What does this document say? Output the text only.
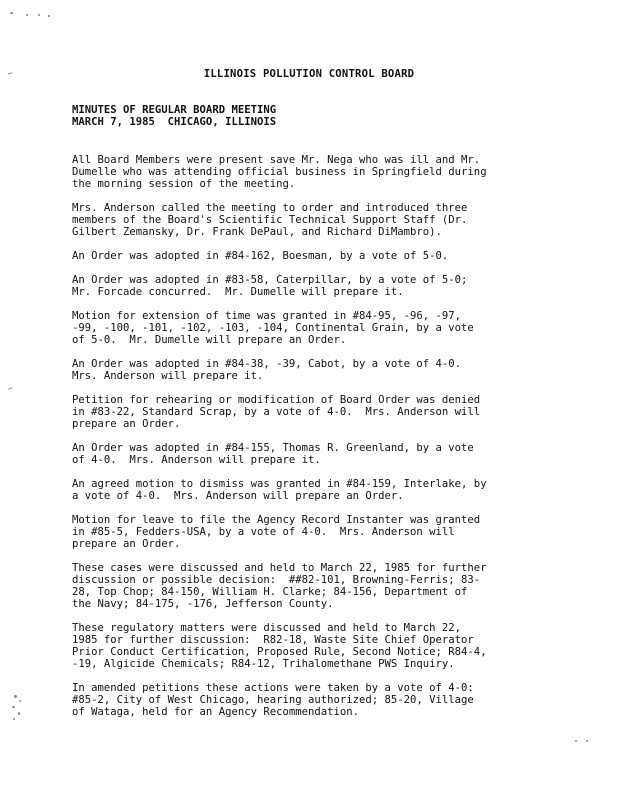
~
~
ILLINOIS POLLUTION CONTROL BOARD
MINUTES OF REGULAR BOARD MEETING
MARCH 7, 1985  CHICAGO, ILLINOIS
All Board Members were present save Mr. Nega who was ill and Mr.
Dumelle who was attending official business in Springfield during
the morning session of the meeting.
Mrs. Anderson called the meeting to order and introduced three
members of the Board's Scientific Technical Support Staff (Dr.
Gilbert Zemansky, Dr. Frank DePaul, and Richard DiMambro).
An Order was adopted in #84-162, Boesman, by a vote of 5-0.
An Order was adopted in #83-58, Caterpillar, by a vote of 5-0;
Mr. Forcade concurred.  Mr. Dumelle will prepare it.
Motion for extension of time was granted in #84-95, -96, -97,
-99, -100, -101, -102, -103, -104, Continental Grain, by a vote
of 5-0.  Mr. Dumelle will prepare an Order.
An Order was adopted in #84-38, -39, Cabot, by a vote of 4-0.
Mrs. Anderson will prepare it.
Petition for rehearing or modification of Board Order was denied
in #83-22, Standard Scrap, by a vote of 4-0.  Mrs. Anderson will
prepare an Order.
An Order was adopted in #84-155, Thomas R. Greenland, by a vote
of 4-0.  Mrs. Anderson will prepare it.
An agreed motion to dismiss was granted in #84-159, Interlake, by
a vote of 4-0.  Mrs. Anderson will prepare an Order.
Motion for leave to file the Agency Record Instanter was granted
in #85-5, Fedders-USA, by a vote of 4-0.  Mrs. Anderson will
prepare an Order.
These cases were discussed and held to March 22, 1985 for further
discussion or possible decision:  ##82-101, Browning-Ferris; 83-
28, Top Chop; 84-150, William H. Clarke; 84-156, Department of
the Navy; 84-175, -176, Jefferson County.
These regulatory matters were discussed and held to March 22,
1985 for further discussion:  R82-18, Waste Site Chief Operator
Prior Conduct Certification, Proposed Rule, Second Notice; R84-4,
-19, Algicide Chemicals; R84-12, Trihalomethane PWS Inquiry.
In amended petitions these actions were taken by a vote of 4-0:
#85-2, City of West Chicago, hearing authorized; 85-20, Village
of Wataga, held for an Agency Recommendation.
